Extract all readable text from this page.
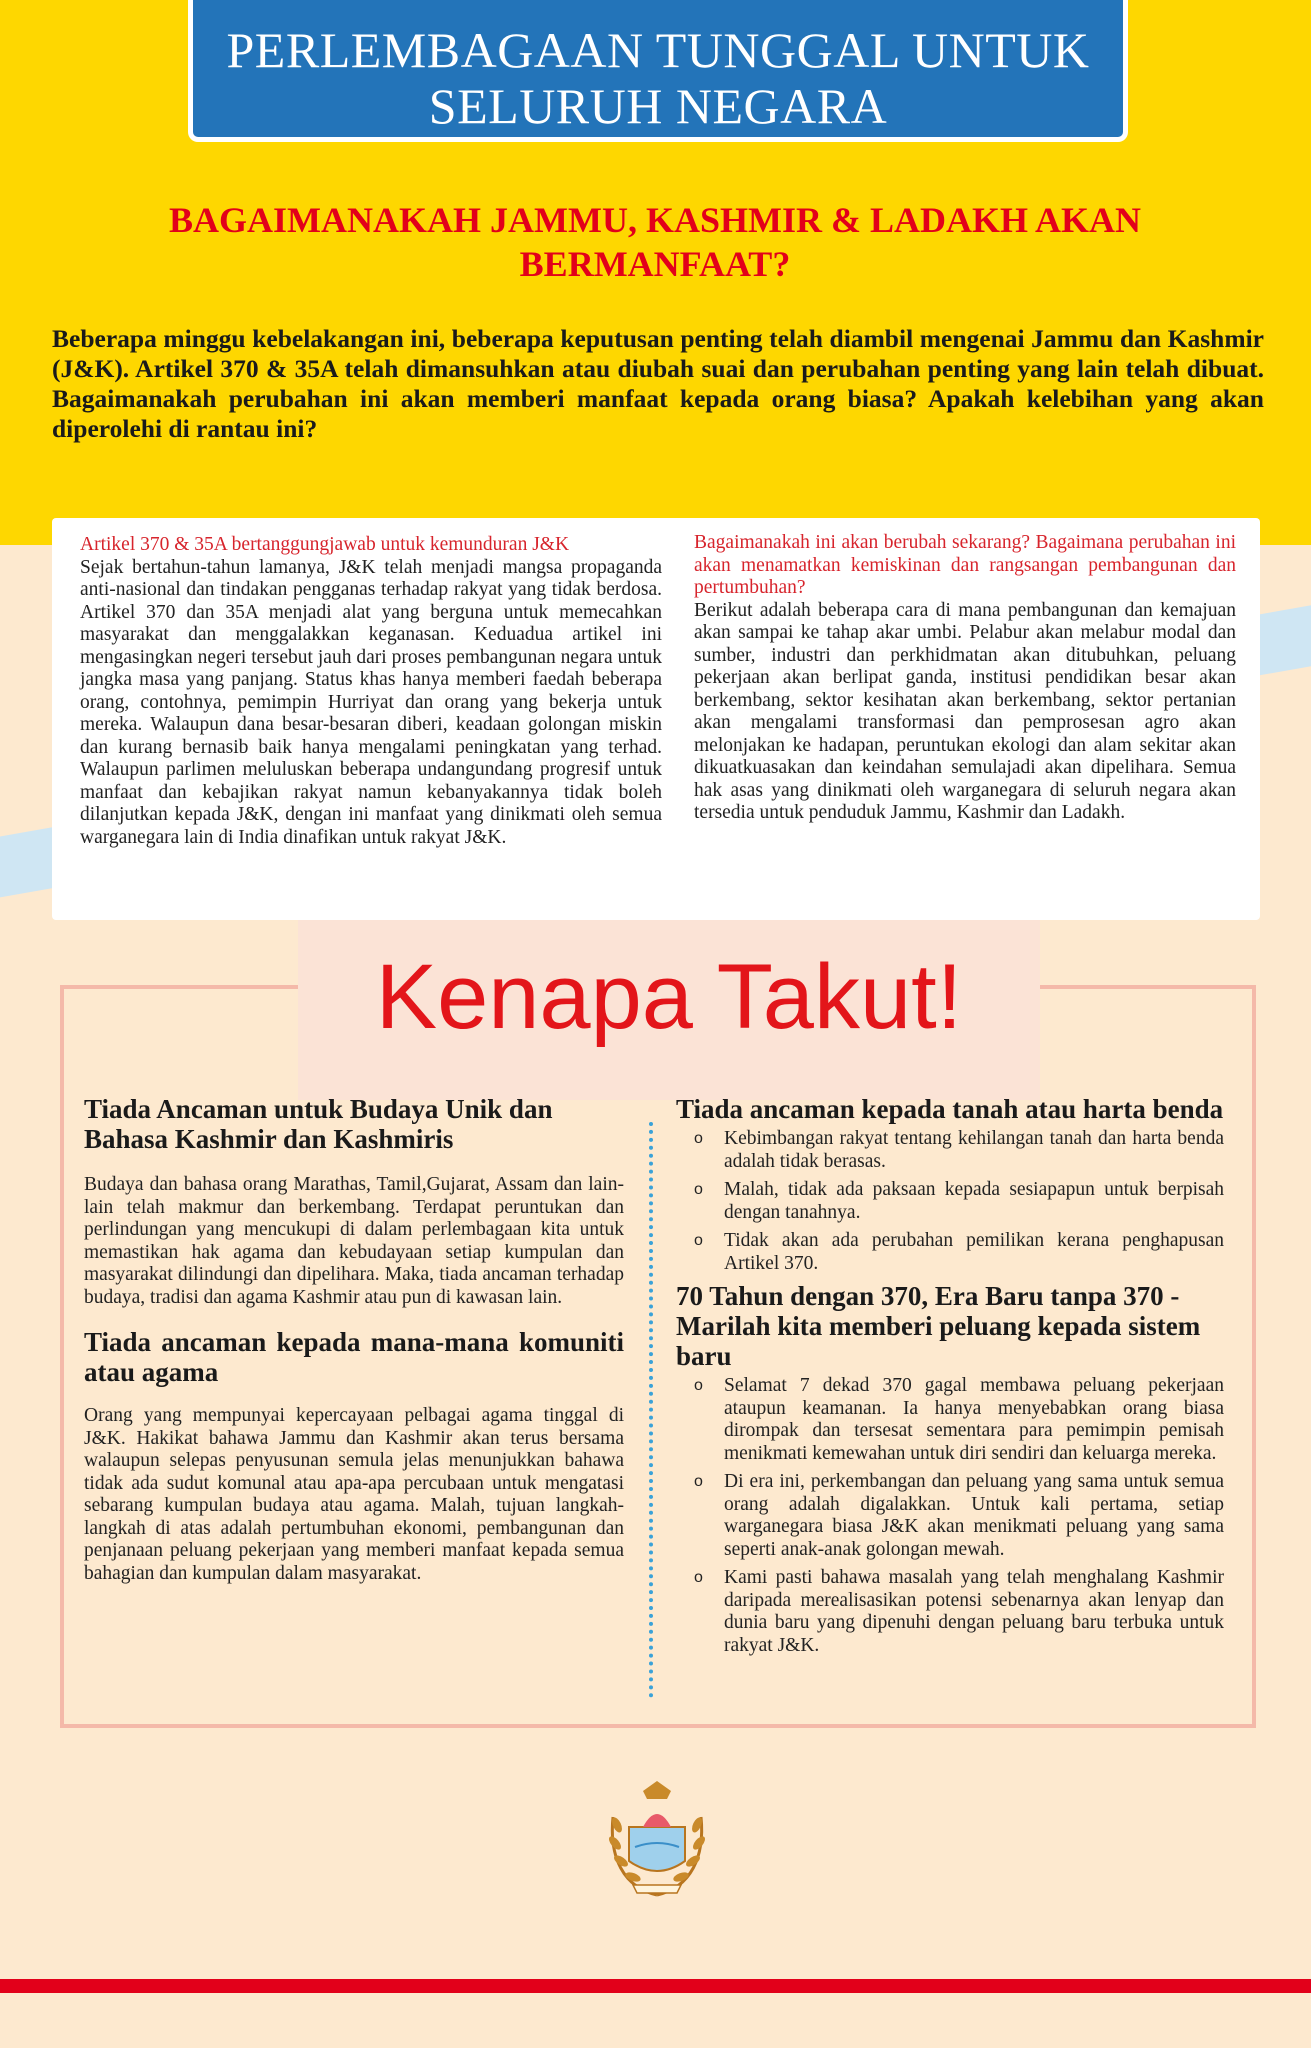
PERLEMBAGAAN TUNGGAL UNTUK
SELURUH NEGARA
BAGAIMANAKAH JAMMU, KASHMIR & LADAKH AKAN
BERMANFAAT?
Beberapa minggu kebelakangan ini, beberapa keputusan penting telah diambil mengenai Jammu dan Kashmir (J&K). Artikel 370 & 35A telah dimansuhkan atau diubah suai dan perubahan penting yang lain telah dibuat. Bagaimanakah perubahan ini akan memberi manfaat kepada orang biasa? Apakah kelebihan yang akan diperolehi di rantau ini?
Artikel 370 & 35A bertanggungjawab untuk kemunduran J&K
Sejak bertahun-tahun lamanya, J&K telah menjadi mangsa propaganda anti-nasional dan tindakan pengganas terhadap rakyat yang tidak berdosa. Artikel 370 dan 35A menjadi alat yang berguna untuk memecahkan masyarakat dan menggalakkan keganasan. Keduadua artikel ini mengasingkan negeri tersebut jauh dari proses pembangunan negara untuk jangka masa yang panjang. Status khas hanya memberi faedah beberapa orang, contohnya, pemimpin Hurriyat dan orang yang bekerja untuk mereka. Walaupun dana besar-besaran diberi, keadaan golongan miskin dan kurang bernasib baik hanya mengalami peningkatan yang terhad. Walaupun parlimen meluluskan beberapa undangundang progresif untuk manfaat dan kebajikan rakyat namun kebanyakannya tidak boleh dilanjutkan kepada J&K, dengan ini manfaat yang dinikmati oleh semua warganegara lain di India dinafikan untuk rakyat J&K.
Bagaimanakah ini akan berubah sekarang? Bagaimana perubahan ini akan menamatkan kemiskinan dan rangsangan pembangunan dan pertumbuhan?
Berikut adalah beberapa cara di mana pembangunan dan kemajuan akan sampai ke tahap akar umbi. Pelabur akan melabur modal dan sumber, industri dan perkhidmatan akan ditubuhkan, peluang pekerjaan akan berlipat ganda, institusi pendidikan besar akan berkembang, sektor kesihatan akan berkembang, sektor pertanian akan mengalami transformasi dan pemprosesan agro akan melonjakan ke hadapan, peruntukan ekologi dan alam sekitar akan dikuatkuasakan dan keindahan semulajadi akan dipelihara. Semua hak asas yang dinikmati oleh warganegara di seluruh negara akan tersedia untuk penduduk Jammu, Kashmir dan Ladakh.
Kenapa Takut!
Tiada Ancaman untuk Budaya Unik dan Bahasa Kashmir dan Kashmiris
Budaya dan bahasa orang Marathas, Tamil,Gujarat, Assam dan lain-lain telah makmur dan berkembang. Terdapat peruntukan dan perlindungan yang mencukupi di dalam perlembagaan kita untuk memastikan hak agama dan kebudayaan setiap kumpulan dan masyarakat dilindungi dan dipelihara. Maka, tiada ancaman terhadap budaya, tradisi dan agama Kashmir atau pun di kawasan lain.
Tiada ancaman kepada mana-mana komuniti atau agama
Orang yang mempunyai kepercayaan pelbagai agama tinggal di J&K. Hakikat bahawa Jammu dan Kashmir akan terus bersama walaupun selepas penyusunan semula jelas menunjukkan bahawa tidak ada sudut komunal atau apa-apa percubaan untuk mengatasi sebarang kumpulan budaya atau agama. Malah, tujuan langkah-langkah di atas adalah pertumbuhan ekonomi, pembangunan dan penjanaan peluang pekerjaan yang memberi manfaat kepada semua bahagian dan kumpulan dalam masyarakat.
Tiada ancaman kepada tanah atau harta benda
o Kebimbangan rakyat tentang kehilangan tanah dan harta benda adalah tidak berasas.
o Malah, tidak ada paksaan kepada sesiapapun untuk berpisah dengan tanahnya.
o Tidak akan ada perubahan pemilikan kerana penghapusan Artikel 370.
70 Tahun dengan 370, Era Baru tanpa 370 - Marilah kita memberi peluang kepada sistem baru
o Selamat 7 dekad 370 gagal membawa peluang pekerjaan ataupun keamanan. Ia hanya menyebabkan orang biasa dirompak dan tersesat sementara para pemimpin pemisah menikmati kemewahan untuk diri sendiri dan keluarga mereka.
o Di era ini, perkembangan dan peluang yang sama untuk semua orang adalah digalakkan. Untuk kali pertama, setiap warganegara biasa J&K akan menikmati peluang yang sama seperti anak-anak golongan mewah.
o Kami pasti bahawa masalah yang telah menghalang Kashmir daripada merealisasikan potensi sebenarnya akan lenyap dan dunia baru yang dipenuhi dengan peluang baru terbuka untuk rakyat J&K.
